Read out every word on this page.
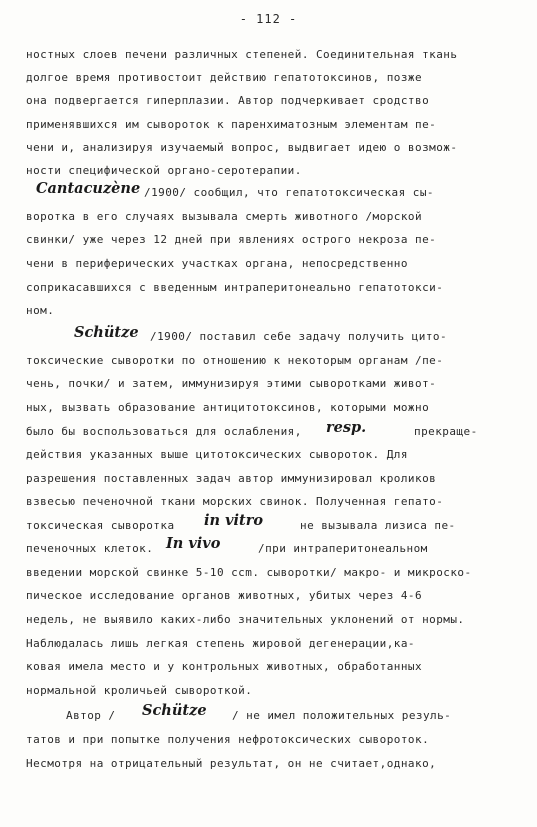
- 112 -
ностных слоев печени различных степеней. Соединительная ткань
долгое время противостоит действию гепатотоксинов, позже
она подвергается гиперплазии. Автор подчеркивает сродство
применявшихся им сывороток к паренхиматозным элементам пе-
чени и, анализируя изучаемый вопрос, выдвигает идею о возмож-
ности специфической органо-серотерапии.
Cantacuzène /1900/ сообщил, что гепатотоксическая сы-
воротка в его случаях вызывала смерть животного /морской
свинки/ уже через 12 дней при явлениях острого некроза пе-
чени в периферических участках органа, непосредственно
соприкасавшихся с введенным интраперитонеально гепатотокси-
ном.
Schütze /1900/ поставил себе задачу получить цито-
токсические сыворотки по отношению к некоторым органам /пе-
чень, почки/ и затем, иммунизируя этими сыворотками живот-
ных, вызвать образование антицитотоксинов, которыми можно
было бы воспользоваться для ослабления, resp.	прекраще-
действия указанных выше цитотоксических сывороток. Для
разрешения поставленных задач автор иммунизировал кроликов
взвесью печеночной ткани морских свинок. Полученная гепато-
токсическая сыворотка in vitro	не вызывала лизиса пе-
печеночных клеток. In vivo	/при интраперитонеальном
введении морской свинке 5-10 ccm. сыворотки/ макро- и микроско-
пическое исследование органов животных, убитых через 4-6
недель, не выявило каких-либо значительных уклонений от нормы.
Наблюдалась лишь легкая степень жировой дегенерации,ка-
ковая имела место и у контрольных животных, обработанных
нормальной кроличьей сывороткой.
Автор / Schütze / не имел положительных резуль-
татов и при попытке получения нефротоксических сывороток.
Несмотря на отрицательный результат, он не считает,однако,
